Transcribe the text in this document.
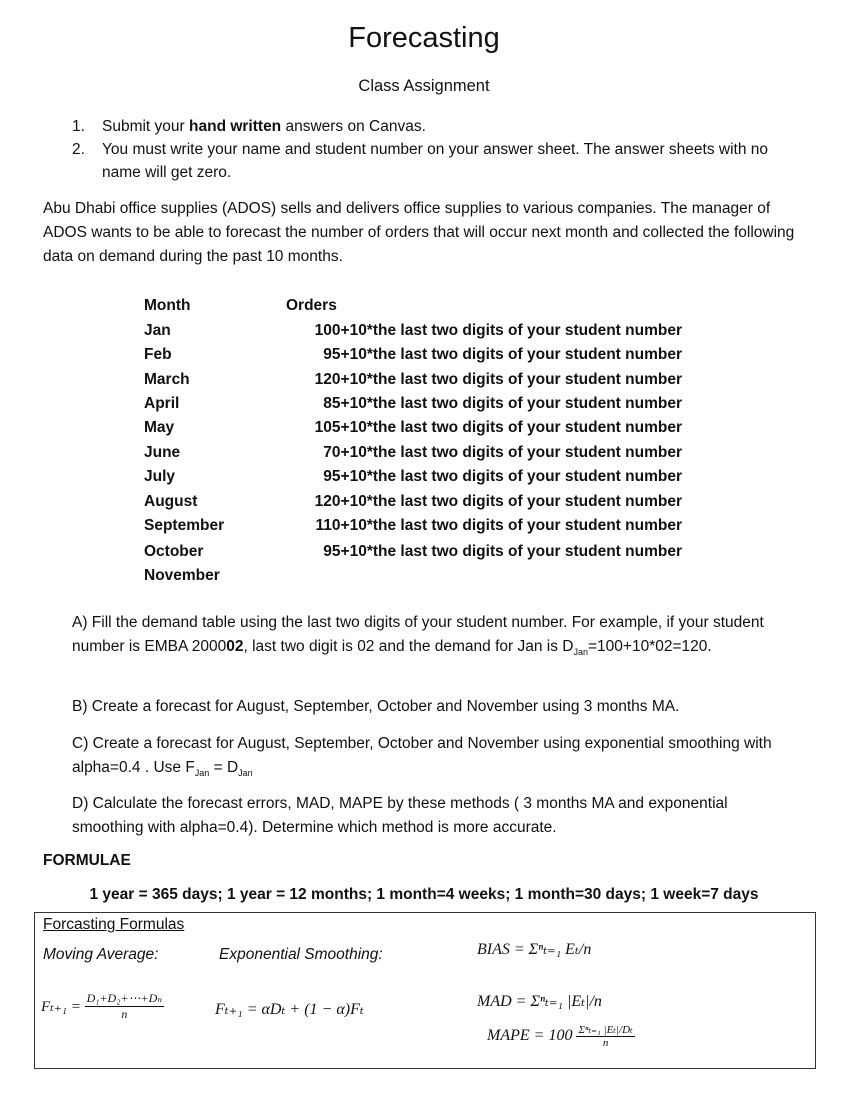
Forecasting
Class Assignment
1. Submit your hand written answers on Canvas.
2. You must write your name and student number on your answer sheet. The answer sheets with no name will get zero.
Abu Dhabi office supplies (ADOS) sells and delivers office supplies to various companies. The manager of ADOS wants to be able to forecast the number of orders that will occur next month and collected the following data on demand during the past 10 months.
Month	Orders
Jan	100+10*the last two digits of your student number
Feb	95+10*the last two digits of your student number
March	120+10*the last two digits of your student number
April	85+10*the last two digits of your student number
May	105+10*the last two digits of your student number
June	70+10*the last two digits of your student number
July	95+10*the last two digits of your student number
August	120+10*the last two digits of your student number
September	110+10*the last two digits of your student number
October	95+10*the last two digits of your student number
November
A) Fill the demand table using the last two digits of your student number. For example, if your student number is EMBA 200002, last two digit is 02 and the demand for Jan is $D_{Jan}=100+10*02=120$.
B) Create a forecast for August, September, October and November using 3 months MA.
C) Create a forecast for August, September, October and November using exponential smoothing with alpha=0.4 . Use $F_{Jan} = D_{Jan}$
D) Calculate the forecast errors, MAD, MAPE by these methods ( 3 months MA and exponential smoothing with alpha=0.4). Determine which method is more accurate.
FORMULAE
1 year = 365 days; 1 year = 12 months; 1 month=4 weeks; 1 month=30 days; 1 week=7 days
Forcasting Formulas
Moving Average:	Exponential Smoothing:	BIAS = Σⁿₜ₌₁ Eₜ/n
$F_{t+1} = \frac{\text{D₁+D₂+⋯+Dₙ}}{n}$	Fₜ₊₁ = αDₜ + (1 − α)Fₜ	MAD = Σⁿₜ₌₁ |Eₜ|/n
MAPE = $100 \frac{\text{Σⁿₜ₌₁ |Eₜ|/Dₜ}}{n}$
